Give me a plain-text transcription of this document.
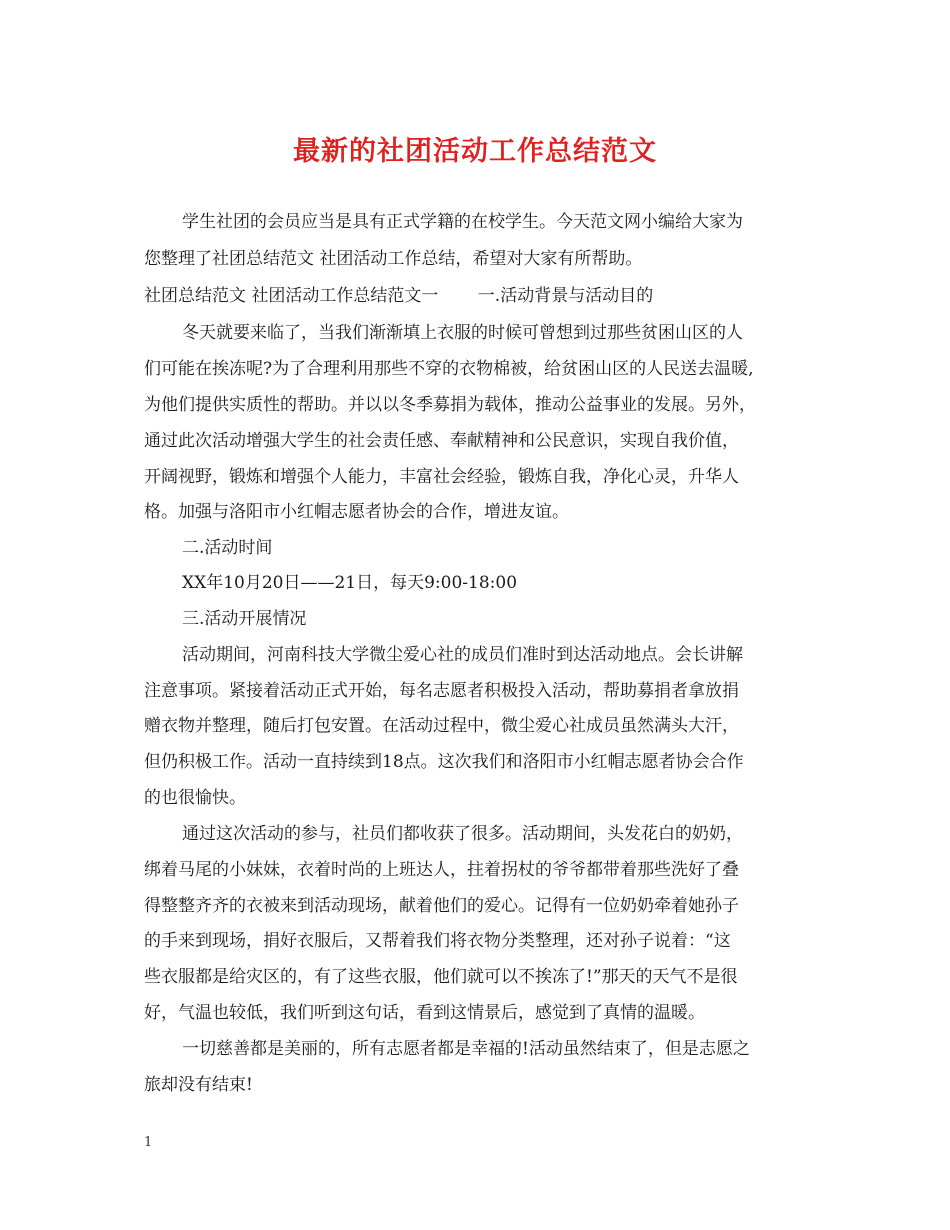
最新的社团活动工作总结范文
学生社团的会员应当是具有正式学籍的在校学生。今天范文网小编给大家为
您整理了社团总结范文 社团活动工作总结，希望对大家有所帮助。
社团总结范文 社团活动工作总结范文一　　 一.活动背景与活动目的
冬天就要来临了，当我们渐渐填上衣服的时候可曾想到过那些贫困山区的人
们可能在挨冻呢?为了合理利用那些不穿的衣物棉被，给贫困山区的人民送去温暖,
为他们提供实质性的帮助。并以以冬季募捐为载体，推动公益事业的发展。另外，
通过此次活动增强大学生的社会责任感、奉献精神和公民意识，实现自我价值，
开阔视野，锻炼和增强个人能力，丰富社会经验，锻炼自我，净化心灵，升华人
格。加强与洛阳市小红帽志愿者协会的合作，增进友谊。
二.活动时间
XX年10月20日——21日，每天9:00-18:00
三.活动开展情况
活动期间，河南科技大学微尘爱心社的成员们准时到达活动地点。会长讲解
注意事项。紧接着活动正式开始，每名志愿者积极投入活动，帮助募捐者拿放捐
赠衣物并整理，随后打包安置。在活动过程中，微尘爱心社成员虽然满头大汗，
但仍积极工作。活动一直持续到18点。这次我们和洛阳市小红帽志愿者协会合作
的也很愉快。
通过这次活动的参与，社员们都收获了很多。活动期间，头发花白的奶奶，
绑着马尾的小妹妹，衣着时尚的上班达人，拄着拐杖的爷爷都带着那些洗好了叠
得整整齐齐的衣被来到活动现场，献着他们的爱心。记得有一位奶奶牵着她孙子
的手来到现场，捐好衣服后，又帮着我们将衣物分类整理，还对孙子说着：“这
些衣服都是给灾区的，有了这些衣服，他们就可以不挨冻了!”那天的天气不是很
好，气温也较低，我们听到这句话，看到这情景后，感觉到了真情的温暖。
一切慈善都是美丽的，所有志愿者都是幸福的!活动虽然结束了，但是志愿之
旅却没有结束!
1
